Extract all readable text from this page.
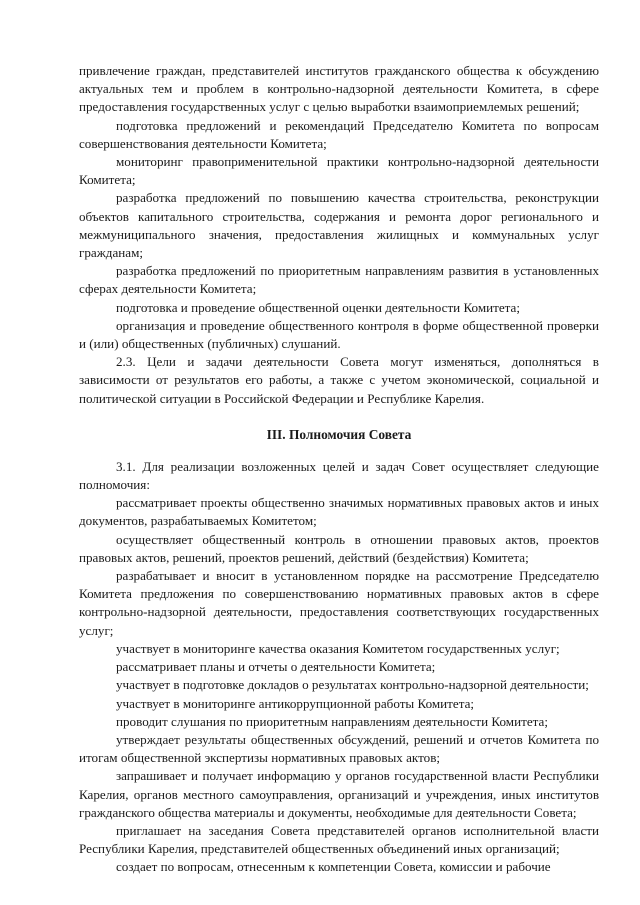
привлечение граждан, представителей институтов гражданского общества к обсуждению актуальных тем и проблем в контрольно-надзорной деятельности Комитета, в сфере предоставления государственных услуг с целью выработки взаимоприемлемых решений;

подготовка предложений и рекомендаций Председателю Комитета по вопросам совершенствования деятельности Комитета;

мониторинг правоприменительной практики контрольно-надзорной деятельности Комитета;

разработка предложений по повышению качества строительства, реконструкции объектов капитального строительства, содержания и ремонта дорог регионального и межмуниципального значения, предоставления жилищных и коммунальных услуг гражданам;

разработка предложений по приоритетным направлениям развития в установленных сферах деятельности Комитета;

подготовка и проведение общественной оценки деятельности Комитета;

организация и проведение общественного контроля в форме общественной проверки и (или) общественных (публичных) слушаний.

2.3. Цели и задачи деятельности Совета могут изменяться, дополняться в зависимости от результатов его работы, а также с учетом экономической, социальной и политической ситуации в Российской Федерации и Республике Карелия.

III. Полномочия Совета

3.1. Для реализации возложенных целей и задач Совет осуществляет следующие полномочия:

рассматривает проекты общественно значимых нормативных правовых актов и иных документов, разрабатываемых Комитетом;

осуществляет общественный контроль в отношении правовых актов, проектов правовых актов, решений, проектов решений, действий (бездействия) Комитета;

разрабатывает и вносит в установленном порядке на рассмотрение Председателю Комитета предложения по совершенствованию нормативных правовых актов в сфере контрольно-надзорной деятельности, предоставления соответствующих государственных услуг;

участвует в мониторинге качества оказания Комитетом государственных услуг;

рассматривает планы и отчеты о деятельности Комитета;

участвует в подготовке докладов о результатах контрольно-надзорной деятельности;

участвует в мониторинге антикоррупционной работы Комитета;

проводит слушания по приоритетным направлениям деятельности Комитета;

утверждает результаты общественных обсуждений, решений и отчетов Комитета по итогам общественной экспертизы нормативных правовых актов;

запрашивает и получает информацию у органов государственной власти Республики Карелия, органов местного самоуправления, организаций и учреждения, иных институтов гражданского общества материалы и документы, необходимые для деятельности Совета;

приглашает на заседания Совета представителей органов исполнительной власти Республики Карелия, представителей общественных объединений иных организаций;

создает по вопросам, отнесенным к компетенции Совета, комиссии и рабочие
